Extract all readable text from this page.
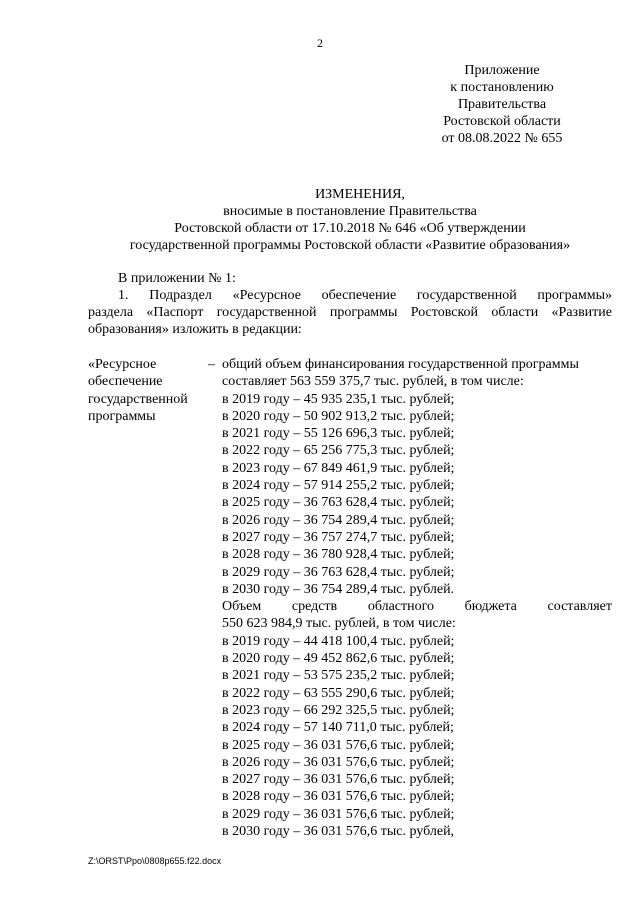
2
Приложение
к постановлению
Правительства
Ростовской области
от 08.08.2022 № 655
ИЗМЕНЕНИЯ,
вносимые в постановление Правительства
Ростовской области от 17.10.2018 № 646 «Об утверждении
государственной программы Ростовской области «Развитие образования»
В приложении № 1:
1. Подраздел «Ресурсное обеспечение государственной программы»
раздела «Паспорт государственной программы Ростовской области «Развитие образования» изложить в редакции:
«Ресурсное
обеспечение
государственной
программы
– общий объем финансирования государственной программы
составляет 563 559 375,7 тыс. рублей, в том числе:
в 2019 году – 45 935 235,1 тыс. рублей;
в 2020 году – 50 902 913,2 тыс. рублей;
в 2021 году – 55 126 696,3 тыс. рублей;
в 2022 году – 65 256 775,3 тыс. рублей;
в 2023 году – 67 849 461,9 тыс. рублей;
в 2024 году – 57 914 255,2 тыс. рублей;
в 2025 году – 36 763 628,4 тыс. рублей;
в 2026 году – 36 754 289,4 тыс. рублей;
в 2027 году – 36 757 274,7 тыс. рублей;
в 2028 году – 36 780 928,4 тыс. рублей;
в 2029 году – 36 763 628,4 тыс. рублей;
в 2030 году – 36 754 289,4 тыс. рублей.
Объем средств областного бюджета составляет
550 623 984,9 тыс. рублей, в том числе:
в 2019 году – 44 418 100,4 тыс. рублей;
в 2020 году – 49 452 862,6 тыс. рублей;
в 2021 году – 53 575 235,2 тыс. рублей;
в 2022 году – 63 555 290,6 тыс. рублей;
в 2023 году – 66 292 325,5 тыс. рублей;
в 2024 году – 57 140 711,0 тыс. рублей;
в 2025 году – 36 031 576,6 тыс. рублей;
в 2026 году – 36 031 576,6 тыс. рублей;
в 2027 году – 36 031 576,6 тыс. рублей;
в 2028 году – 36 031 576,6 тыс. рублей;
в 2029 году – 36 031 576,6 тыс. рублей;
в 2030 году – 36 031 576,6 тыс. рублей,
Z:\ORST\Ppo\0808p655.f22.docx
